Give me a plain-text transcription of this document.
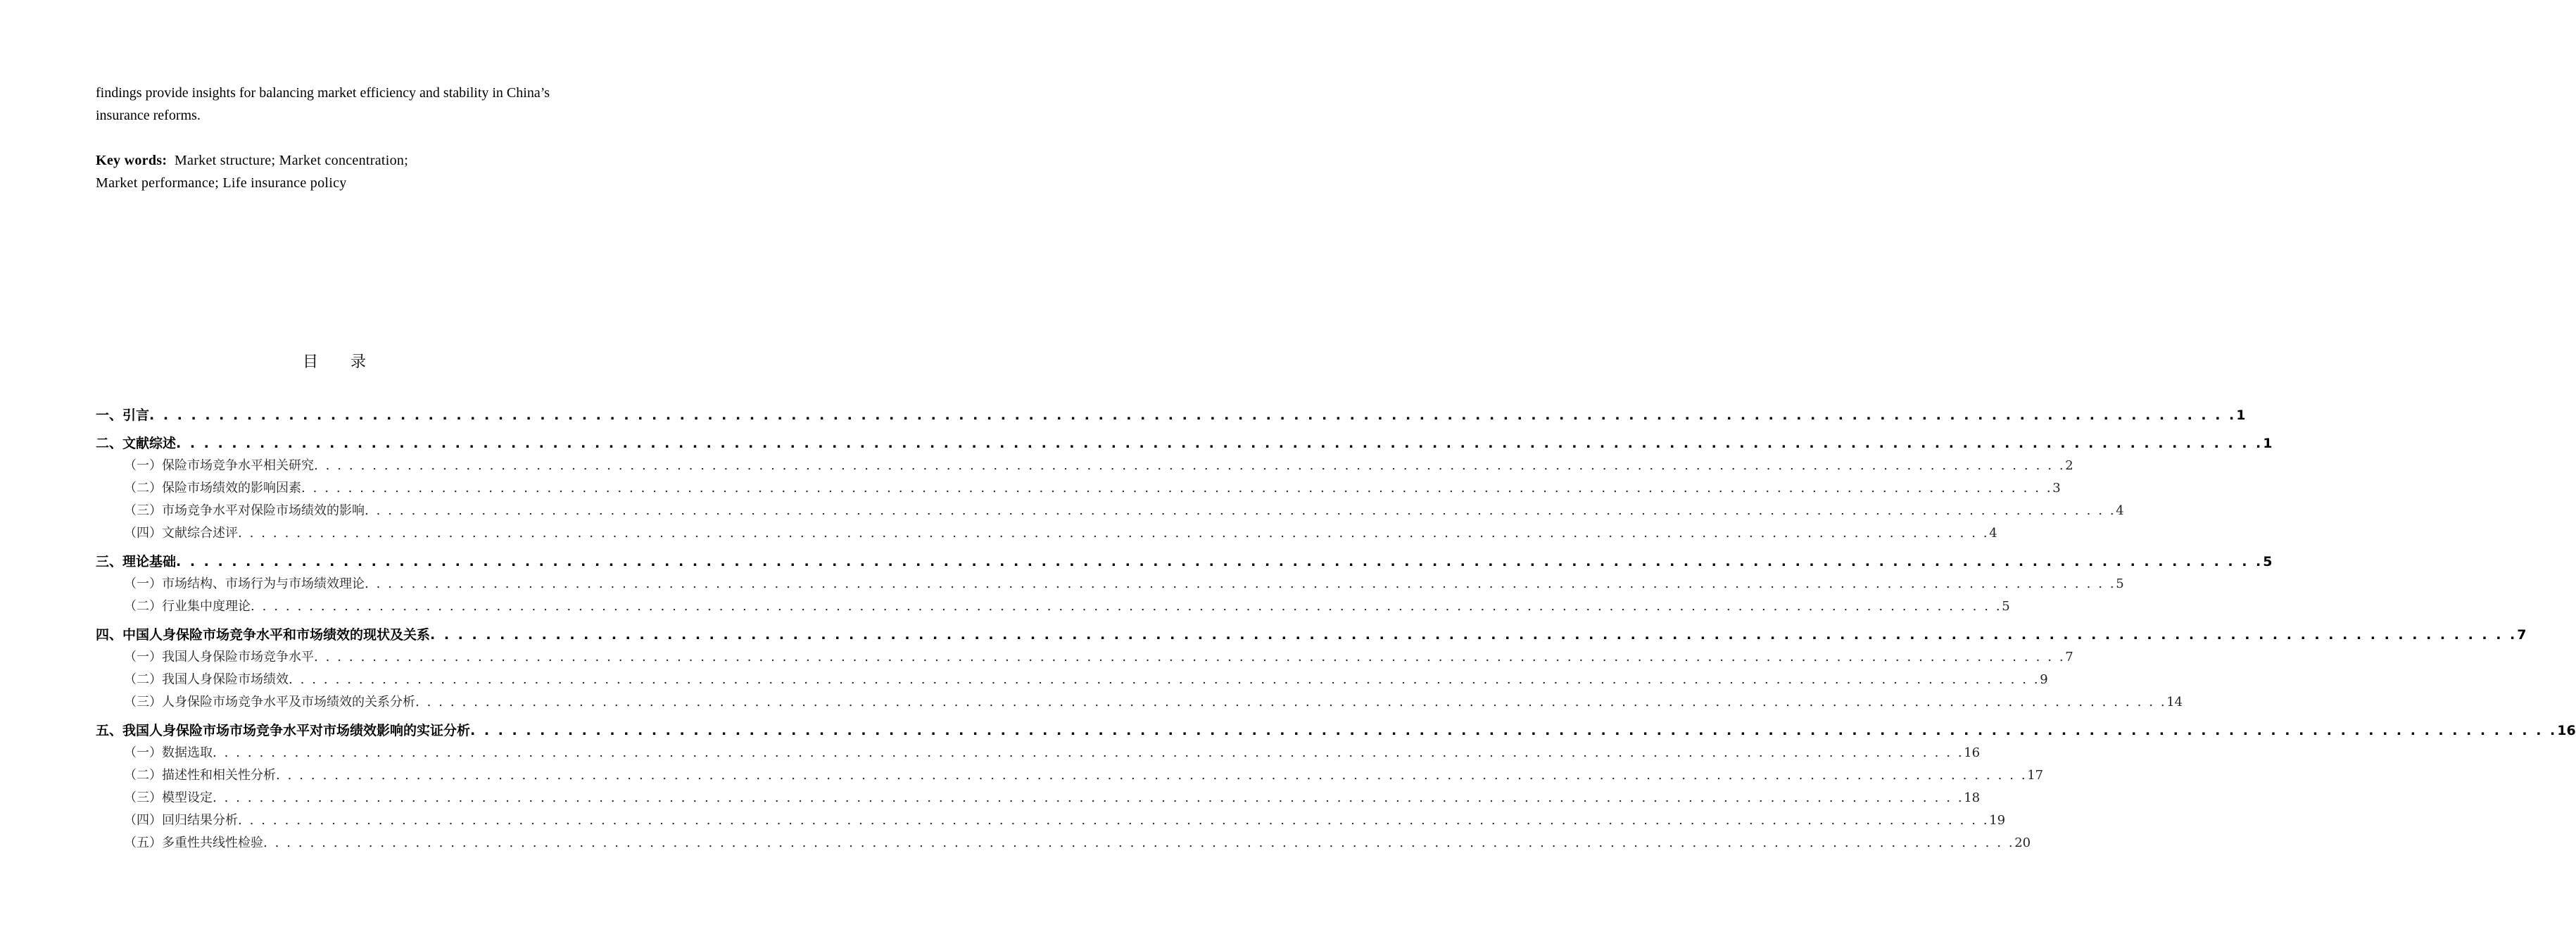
findings provide insights for balancing market efficiency and stability in China’s

insurance reforms.

Key words: Market structure; Market concentration;
Market performance; Life insurance policy
目录
一、引言 . . . . . . . . . . . . . . . . . . . . . . . . . . . . . . . . . . . . . . . . . . . . . . . . . . . . . . . . . . . . . . . . . . . . . . . . . . . . . . . . . . . . . . . . . . . . . . . . . . . . . . . . . . . . . . . . . . . . . . . . . . . . . . . . . . . . . . . . . . . . . . . . . . . . . . 1
二、文献综述 . . . . . . . . . . . . . . . . . . . . . . . . . . . . . . . . . . . . . . . . . . . . . . . . . . . . . . . . . . . . . . . . . . . . . . . . . . . . . . . . . . . . . . . . . . . . . . . . . . . . . . . . . . . . . . . . . . . . . . . . . . . . . . . . . . . . . . . . . . . . . . . . . . . . . . 1
（一）保险市场竞争水平相关研究 . . . . . . . . . . . . . . . . . . . . . . . . . . . . . . . . . . . . . . . . . . . . . . . . . . . . . . . . . . . . . . . . . . . . . . . . . . . . . . . . . . . . . . . . . . . . . . . . . . . . . . . . . . . . . . . . . . . . . . . . . . . . . . . . . . . . . . . . . . . . . . . . . . . . . . 2
（二）保险市场绩效的影响因素 . . . . . . . . . . . . . . . . . . . . . . . . . . . . . . . . . . . . . . . . . . . . . . . . . . . . . . . . . . . . . . . . . . . . . . . . . . . . . . . . . . . . . . . . . . . . . . . . . . . . . . . . . . . . . . . . . . . . . . . . . . . . . . . . . . . . . . . . . . . . . . . . . . . . . . 3
（三）市场竞争水平对保险市场绩效的影响 . . . . . . . . . . . . . . . . . . . . . . . . . . . . . . . . . . . . . . . . . . . . . . . . . . . . . . . . . . . . . . . . . . . . . . . . . . . . . . . . . . . . . . . . . . . . . . . . . . . . . . . . . . . . . . . . . . . . . . . . . . . . . . . . . . . . . . . . . . . . . . . . . . . . . . 4
（四）文献综合述评 . . . . . . . . . . . . . . . . . . . . . . . . . . . . . . . . . . . . . . . . . . . . . . . . . . . . . . . . . . . . . . . . . . . . . . . . . . . . . . . . . . . . . . . . . . . . . . . . . . . . . . . . . . . . . . . . . . . . . . . . . . . . . . . . . . . . . . . . . . . . . . . . . . . . . . 4
三、理论基础 . . . . . . . . . . . . . . . . . . . . . . . . . . . . . . . . . . . . . . . . . . . . . . . . . . . . . . . . . . . . . . . . . . . . . . . . . . . . . . . . . . . . . . . . . . . . . . . . . . . . . . . . . . . . . . . . . . . . . . . . . . . . . . . . . . . . . . . . . . . . . . . . . . . . . . 5
（一）市场结构、市场行为与市场绩效理论 . . . . . . . . . . . . . . . . . . . . . . . . . . . . . . . . . . . . . . . . . . . . . . . . . . . . . . . . . . . . . . . . . . . . . . . . . . . . . . . . . . . . . . . . . . . . . . . . . . . . . . . . . . . . . . . . . . . . . . . . . . . . . . . . . . . . . . . . . . . . . . . . . . . . . . 5
（二）行业集中度理论 . . . . . . . . . . . . . . . . . . . . . . . . . . . . . . . . . . . . . . . . . . . . . . . . . . . . . . . . . . . . . . . . . . . . . . . . . . . . . . . . . . . . . . . . . . . . . . . . . . . . . . . . . . . . . . . . . . . . . . . . . . . . . . . . . . . . . . . . . . . . . . . . . . . . . . 5
四、中国人身保险市场竞争水平和市场绩效的现状及关系 . . . . . . . . . . . . . . . . . . . . . . . . . . . . . . . . . . . . . . . . . . . . . . . . . . . . . . . . . . . . . . . . . . . . . . . . . . . . . . . . . . . . . . . . . . . . . . . . . . . . . . . . . . . . . . . . . . . . . . . . . . . . . . . . . . . . . . . . . . . . . . . . . . . . . . 7
（一）我国人身保险市场竞争水平 . . . . . . . . . . . . . . . . . . . . . . . . . . . . . . . . . . . . . . . . . . . . . . . . . . . . . . . . . . . . . . . . . . . . . . . . . . . . . . . . . . . . . . . . . . . . . . . . . . . . . . . . . . . . . . . . . . . . . . . . . . . . . . . . . . . . . . . . . . . . . . . . . . . . . . 7
（二）我国人身保险市场绩效 . . . . . . . . . . . . . . . . . . . . . . . . . . . . . . . . . . . . . . . . . . . . . . . . . . . . . . . . . . . . . . . . . . . . . . . . . . . . . . . . . . . . . . . . . . . . . . . . . . . . . . . . . . . . . . . . . . . . . . . . . . . . . . . . . . . . . . . . . . . . . . . . . . . . . . 9
（三）人身保险市场竞争水平及市场绩效的关系分析 . . . . . . . . . . . . . . . . . . . . . . . . . . . . . . . . . . . . . . . . . . . . . . . . . . . . . . . . . . . . . . . . . . . . . . . . . . . . . . . . . . . . . . . . . . . . . . . . . . . . . . . . . . . . . . . . . . . . . . . . . . . . . . . . . . . . . . . . . . . . . . . . . . . . . . 14
五、我国人身保险市场市场竞争水平对市场绩效影响的实证分析 . . . . . . . . . . . . . . . . . . . . . . . . . . . . . . . . . . . . . . . . . . . . . . . . . . . . . . . . . . . . . . . . . . . . . . . . . . . . . . . . . . . . . . . . . . . . . . . . . . . . . . . . . . . . . . . . . . . . . . . . . . . . . . . . . . . . . . . . . . . . . . . . . . . . . . 16
（一）数据选取 . . . . . . . . . . . . . . . . . . . . . . . . . . . . . . . . . . . . . . . . . . . . . . . . . . . . . . . . . . . . . . . . . . . . . . . . . . . . . . . . . . . . . . . . . . . . . . . . . . . . . . . . . . . . . . . . . . . . . . . . . . . . . . . . . . . . . . . . . . . . . . . . . . . . . . 16
（二）描述性和相关性分析 . . . . . . . . . . . . . . . . . . . . . . . . . . . . . . . . . . . . . . . . . . . . . . . . . . . . . . . . . . . . . . . . . . . . . . . . . . . . . . . . . . . . . . . . . . . . . . . . . . . . . . . . . . . . . . . . . . . . . . . . . . . . . . . . . . . . . . . . . . . . . . . . . . . . . . 17
（三）模型设定 . . . . . . . . . . . . . . . . . . . . . . . . . . . . . . . . . . . . . . . . . . . . . . . . . . . . . . . . . . . . . . . . . . . . . . . . . . . . . . . . . . . . . . . . . . . . . . . . . . . . . . . . . . . . . . . . . . . . . . . . . . . . . . . . . . . . . . . . . . . . . . . . . . . . . . 18
（四）回归结果分析 . . . . . . . . . . . . . . . . . . . . . . . . . . . . . . . . . . . . . . . . . . . . . . . . . . . . . . . . . . . . . . . . . . . . . . . . . . . . . . . . . . . . . . . . . . . . . . . . . . . . . . . . . . . . . . . . . . . . . . . . . . . . . . . . . . . . . . . . . . . . . . . . . . . . . . 19
（五）多重性共线性检验 . . . . . . . . . . . . . . . . . . . . . . . . . . . . . . . . . . . . . . . . . . . . . . . . . . . . . . . . . . . . . . . . . . . . . . . . . . . . . . . . . . . . . . . . . . . . . . . . . . . . . . . . . . . . . . . . . . . . . . . . . . . . . . . . . . . . . . . . . . . . . . . . . . . . . . 20
